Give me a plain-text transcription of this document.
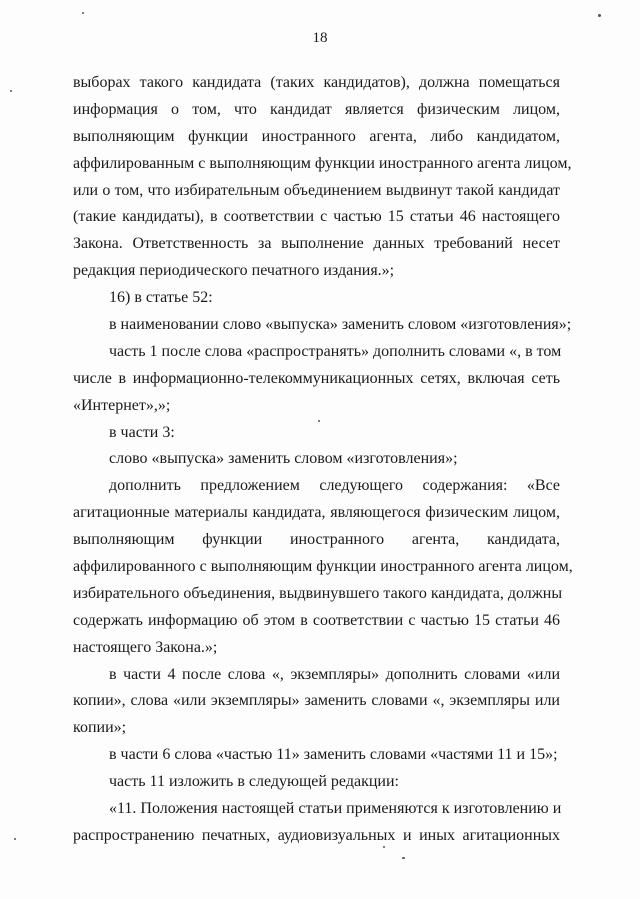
18
выборах такого кандидата (таких кандидатов), должна помещаться
информация о том, что кандидат является физическим лицом,
выполняющим функции иностранного агента, либо кандидатом,
аффилированным с выполняющим функции иностранного агента лицом,
или о том, что избирательным объединением выдвинут такой кандидат
(такие кандидаты), в соответствии с частью 15 статьи 46 настоящего
Закона. Ответственность за выполнение данных требований несет
редакция периодического печатного издания.»;
16) в статье 52:
в наименовании слово «выпуска» заменить словом «изготовления»;
часть 1 после слова «распространять» дополнить словами «, в том
числе в информационно-телекоммуникационных сетях, включая сеть
«Интернет»,»;
в части 3:
слово «выпуска» заменить словом «изготовления»;
дополнить предложением следующего содержания: «Все
агитационные материалы кандидата, являющегося физическим лицом,
выполняющим функции иностранного агента, кандидата,
аффилированного с выполняющим функции иностранного агента лицом,
избирательного объединения, выдвинувшего такого кандидата, должны
содержать информацию об этом в соответствии с частью 15 статьи 46
настоящего Закона.»;
в части 4 после слова «, экземпляры» дополнить словами «или
копии», слова «или экземпляры» заменить словами «, экземпляры или
копии»;
в части 6 слова «частью 11» заменить словами «частями 11 и 15»;
часть 11 изложить в следующей редакции:
«11. Положения настоящей статьи применяются к изготовлению и
распространению печатных, аудиовизуальных и иных агитационных
